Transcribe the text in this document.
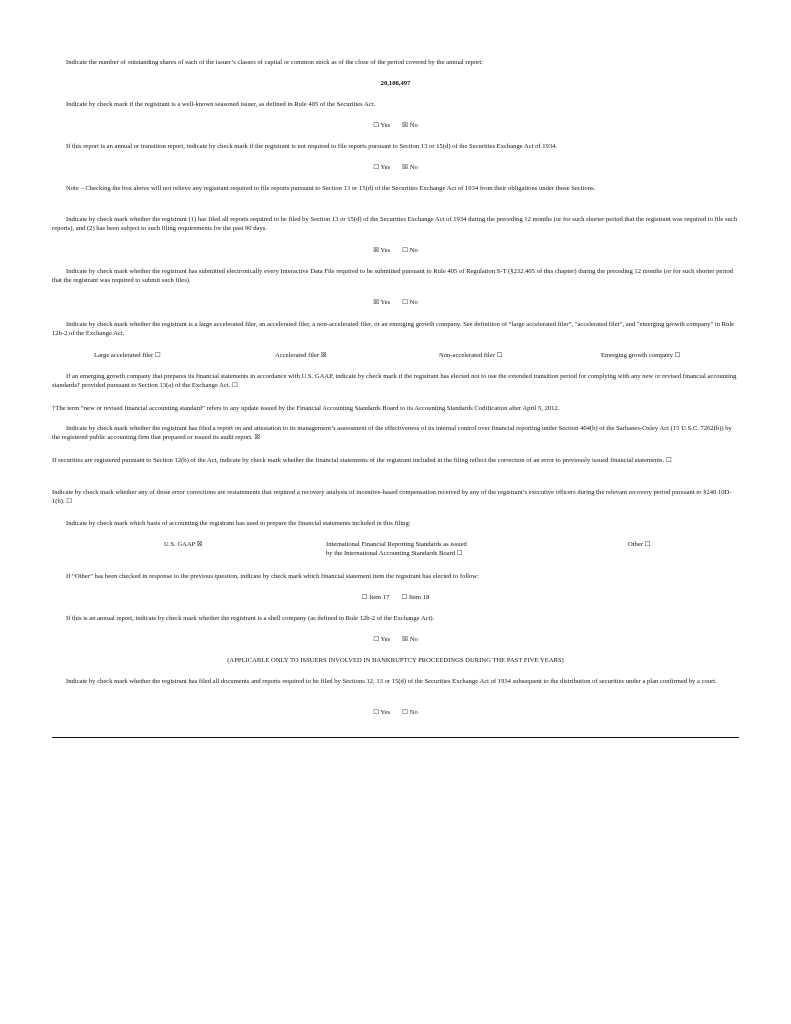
Indicate the number of outstanding shares of each of the issuer’s classes of capital or common stock as of the close of the period covered by the annual report:

20,108,497

Indicate by check mark if the registrant is a well-known seasoned issuer, as defined in Rule 405 of the Securities Act.

☐ Yes ☒ No

If this report is an annual or transition report, indicate by check mark if the registrant is not required to file reports pursuant to Section 13 or 15(d) of the Securities Exchange Act of 1934.

☐ Yes ☒ No

Note – Checking the box above will not relieve any registrant required to file reports pursuant to Section 13 or 15(d) of the Securities Exchange Act of 1934 from their obligations under those Sections.

Indicate by check mark whether the registrant (1) has filed all reports required to be filed by Section 13 or 15(d) of the Securities Exchange Act of 1934 during the preceding 12 months (or for such shorter period that the registrant was required to file such reports), and (2) has been subject to such filing requirements for the past 90 days.

☒ Yes ☐ No

Indicate by check mark whether the registrant has submitted electronically every Interactive Data File required to be submitted pursuant to Rule 405 of Regulation S-T (§232.405 of this chapter) during the preceding 12 months (or for such shorter period that the registrant was required to submit such files).

☒ Yes ☐ No

Indicate by check mark whether the registrant is a large accelerated filer, an accelerated filer, a non-accelerated filer, or an emerging growth company. See definition of “large accelerated filer”, "accelerated filer", and "emerging growth company" in Rule 12b-2 of the Exchange Act.

Large accelerated filer ☐	Accelerated filer ☒	Non-accelerated filer ☐	Emerging growth company ☐

If an emerging growth company that prepares its financial statements in accordance with U.S. GAAP, indicate by check mark if the registrant has elected not to use the extended transition period for complying with any new or revised financial accounting standards† provided pursuant to Section 13(a) of the Exchange Act. ☐

†The term “new or revised financial accounting standard” refers to any update issued by the Financial Accounting Standards Board to its Accounting Standards Codification after April 5, 2012.

Indicate by check mark whether the registrant has filed a report on and attestation to its management’s assessment of the effectiveness of its internal control over financial reporting under Section 404(b) of the Sarbanes-Oxley Act (15 U.S.C. 7262(b)) by the registered public accounting firm that prepared or issued its audit report. ☒

If securities are registered pursuant to Section 12(b) of the Act, indicate by check mark whether the financial statements of the registrant included in the filing reflect the correction of an error to previously issued financial statements. ☐

Indicate by check mark whether any of those error corrections are restatements that required a recovery analysis of incentive-based compensation received by any of the registrant’s executive officers during the relevant recovery period pursuant to §240.10D-1(b). ☐

Indicate by check mark which basis of accounting the registrant has used to prepare the financial statements included in this filing:

U.S. GAAP ☒	International Financial Reporting Standards as issued
by the International Accounting Standards Board ☐
Other ☐

If “Other” has been checked in response to the previous question, indicate by check mark which financial statement item the registrant has elected to follow:

☐ Item 17 ☐ Item 18

If this is an annual report, indicate by check mark whether the registrant is a shell company (as defined in Rule 12b-2 of the Exchange Act).

☐ Yes ☒ No

(APPLICABLE ONLY TO ISSUERS INVOLVED IN BANKRUPTCY PROCEEDINGS DURING THE PAST FIVE YEARS)

Indicate by check mark whether the registrant has filed all documents and reports required to be filed by Sections 12, 13 or 15(d) of the Securities Exchange Act of 1934 subsequent to the distribution of securities under a plan confirmed by a court.

☐ Yes ☐ No
